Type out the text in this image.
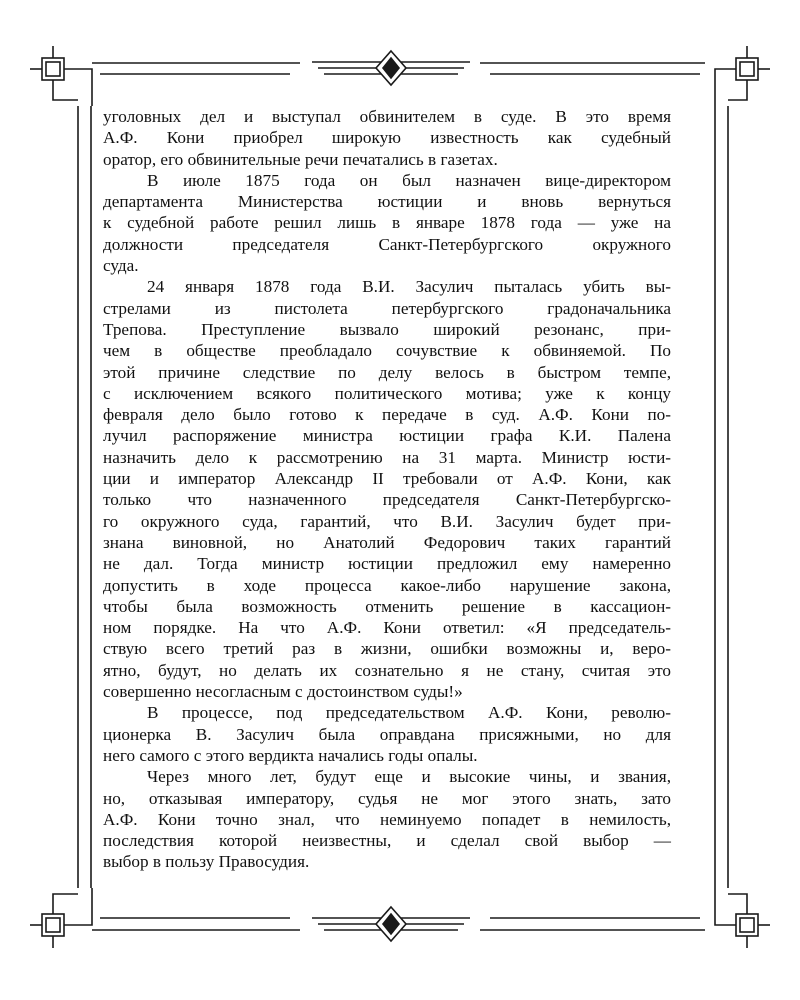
уголовных дел и выступал обвинителем в суде. В это время
А.Ф. Кони приобрел широкую известность как судебный
оратор, его обвинительные речи печатались в газетах.

В июле 1875 года он был назначен вице-директором
департамента Министерства юстиции и вновь вернуться
к судебной работе решил лишь в январе 1878 года — уже на
должности председателя Санкт-Петербургского окружного
суда.

24 января 1878 года В.И. Засулич пыталась убить вы-
стрелами из пистолета петербургского градоначальника
Трепова. Преступление вызвало широкий резонанс, при-
чем в обществе преобладало сочувствие к обвиняемой. По
этой причине следствие по делу велось в быстром темпе,
с исключением всякого политического мотива; уже к концу
февраля дело было готово к передаче в суд. А.Ф. Кони по-
лучил распоряжение министра юстиции графа К.И. Палена
назначить дело к рассмотрению на 31 марта. Министр юсти-
ции и император Александр II требовали от А.Ф. Кони, как
только что назначенного председателя Санкт-Петербургско-
го окружного суда, гарантий, что В.И. Засулич будет при-
знана виновной, но Анатолий Федорович таких гарантий
не дал. Тогда министр юстиции предложил ему намеренно
допустить в ходе процесса какое-либо нарушение закона,
чтобы была возможность отменить решение в кассацион-
ном порядке. На что А.Ф. Кони ответил: «Я председатель-
ствую всего третий раз в жизни, ошибки возможны и, веро-
ятно, будут, но делать их сознательно я не стану, считая это
совершенно несогласным с достоинством суды!»

В процессе, под председательством А.Ф. Кони, револю-
ционерка В. Засулич была оправдана присяжными, но для
него самого с этого вердикта начались годы опалы.

Через много лет, будут еще и высокие чины, и звания,
но, отказывая императору, судья не мог этого знать, зато
А.Ф. Кони точно знал, что неминуемо попадет в немилость,
последствия которой неизвестны, и сделал свой выбор —
выбор в пользу Правосудия.
